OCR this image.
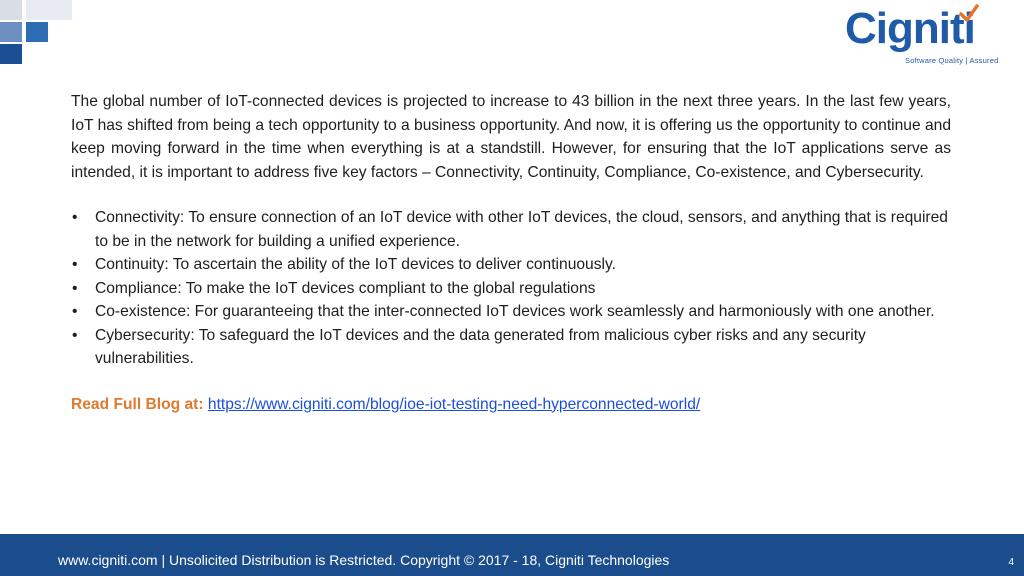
Cigniti
Software Quality | Assured

The global number of IoT-connected devices is projected to increase to 43 billion in the next three years. In the last few years, IoT has shifted from being a tech opportunity to a business opportunity. And now, it is offering us the opportunity to continue and keep moving forward in the time when everything is at a standstill. However, for ensuring that the IoT applications serve as intended, it is important to address five key factors – Connectivity, Continuity, Compliance, Co-existence, and Cybersecurity.

• Connectivity: To ensure connection of an IoT device with other IoT devices, the cloud, sensors, and anything that is required to be in the network for building a unified experience.
• Continuity: To ascertain the ability of the IoT devices to deliver continuously.
• Compliance: To make the IoT devices compliant to the global regulations
• Co-existence: For guaranteeing that the inter-connected IoT devices work seamlessly and harmoniously with one another.
• Cybersecurity: To safeguard the IoT devices and the data generated from malicious cyber risks and any security vulnerabilities.
Read Full Blog at: https://www.cigniti.com/blog/ioe-iot-testing-need-hyperconnected-world/
www.cigniti.com | Unsolicited Distribution is Restricted. Copyright © 2017 - 18, Cigniti Technologies	4
